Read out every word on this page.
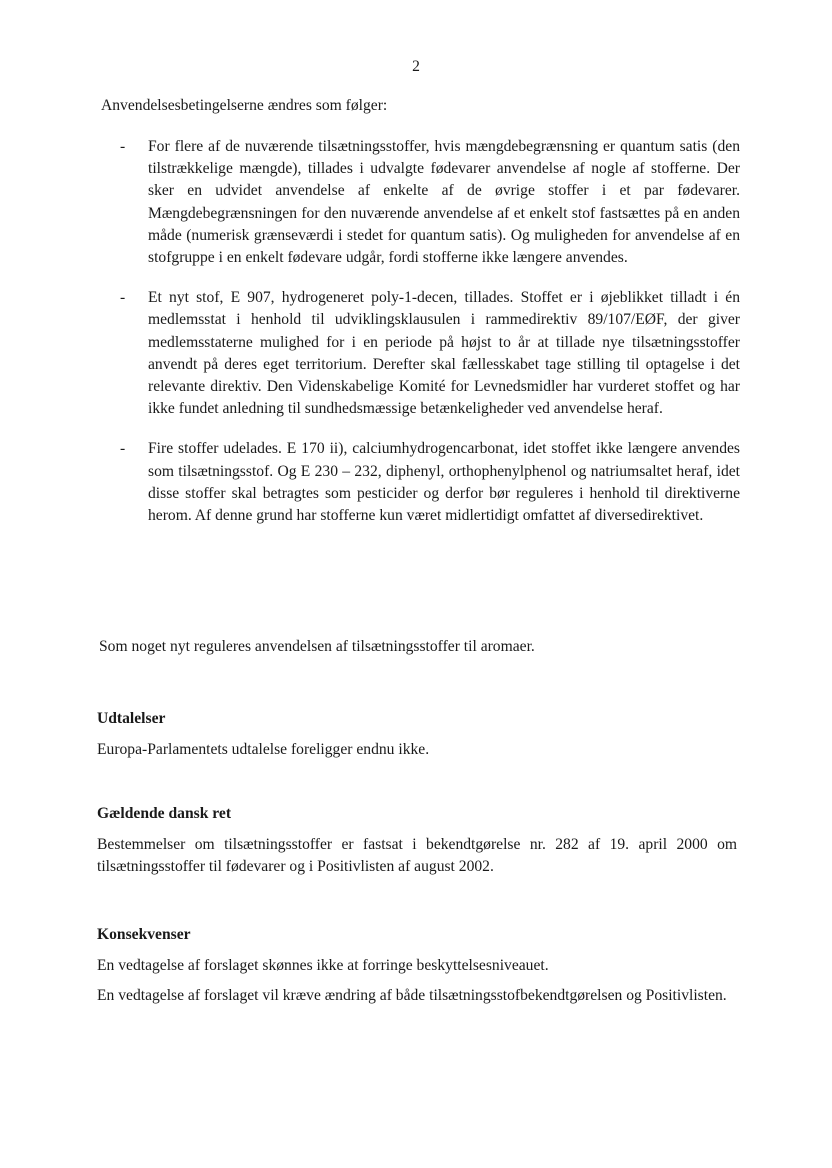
2
Anvendelsesbetingelserne ændres som følger:
- For flere af de nuværende tilsætningsstoffer, hvis mængdebegrænsning er quantum satis (den tilstrækkelige mængde), tillades i udvalgte fødevarer anvendelse af nogle af stofferne. Der sker en udvidet anvendelse af enkelte af de øvrige stoffer i et par fødevarer. Mængdebegrænsningen for den nuværende anvendelse af et enkelt stof fastsættes på en anden måde (numerisk grænseværdi i stedet for quantum satis). Og muligheden for anvendelse af en stofgruppe i en enkelt fødevare udgår, fordi stofferne ikke længere anvendes.
- Et nyt stof, E 907, hydrogeneret poly-1-decen, tillades. Stoffet er i øjeblikket tilladt i én medlemsstat i henhold til udviklingsklausulen i rammedirektiv 89/107/EØF, der giver medlemsstaterne mulighed for i en periode på højst to år at tillade nye tilsætningsstoffer anvendt på deres eget territorium. Derefter skal fællesskabet tage stilling til optagelse i det relevante direktiv. Den Videnskabelige Komité for Levnedsmidler har vurderet stoffet og har ikke fundet anledning til sundhedsmæssige betænkeligheder ved anvendelse heraf.
- Fire stoffer udelades. E 170 ii), calciumhydrogencarbonat, idet stoffet ikke længere anvendes som tilsætningsstof. Og E 230 – 232, diphenyl, orthophenylphenol og natriumsaltet heraf, idet disse stoffer skal betragtes som pesticider og derfor bør reguleres i henhold til direktiverne herom. Af denne grund har stofferne kun været midlertidigt omfattet af diversedirektivet.
Som noget nyt reguleres anvendelsen af tilsætningsstoffer til aromaer.
Udtalelser

Europa-Parlamentets udtalelse foreligger endnu ikke.

Gældende dansk ret

Bestemmelser om tilsætningsstoffer er fastsat i bekendtgørelse nr. 282 af 19. april 2000 om tilsætningsstoffer til fødevarer og i Positivlisten af august 2002.

Konsekvenser

En vedtagelse af forslaget skønnes ikke at forringe beskyttelsesniveauet.

En vedtagelse af forslaget vil kræve ændring af både tilsætningsstofbekendtgørelsen og Positivlisten.
